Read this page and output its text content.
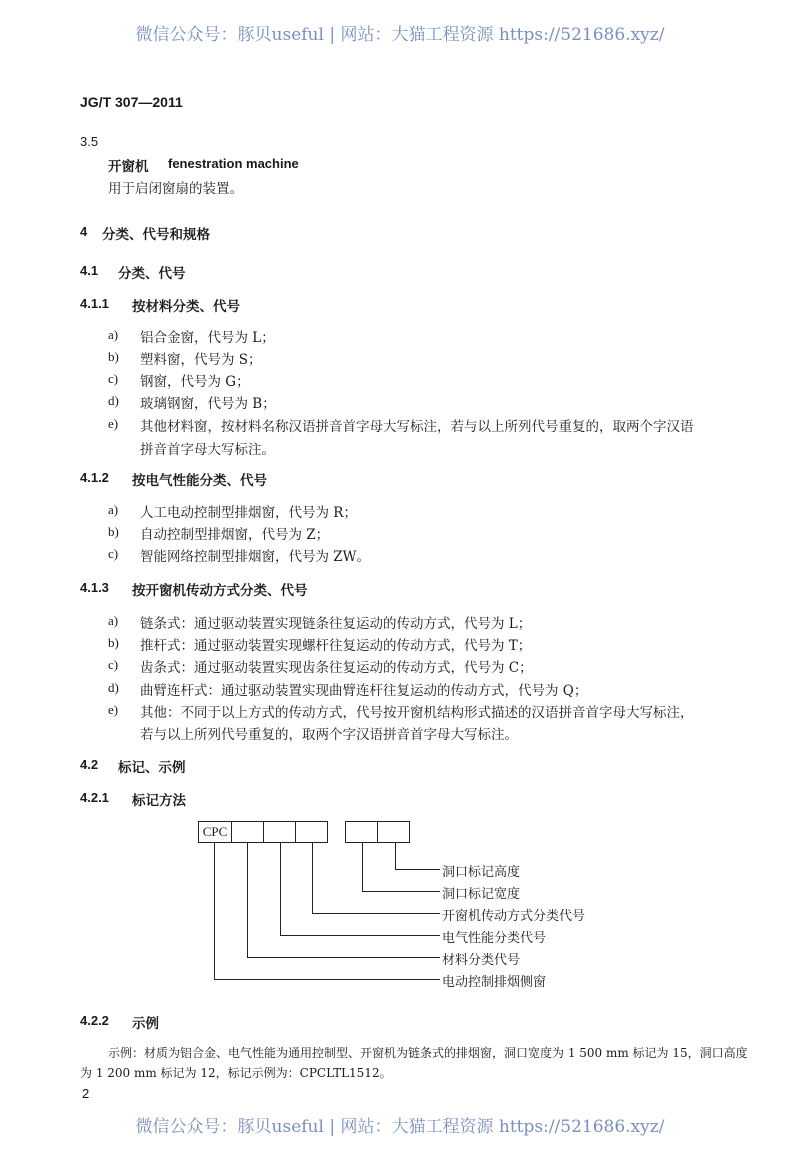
微信公众号：豚贝useful | 网站：大猫工程资源 https://521686.xyz/
JG/T 307—2011
3.5
开窗机 fenestration machine
用于启闭窗扇的装置。
4 分类、代号和规格
4.1 分类、代号
4.1.1 按材料分类、代号
a) 铝合金窗，代号为 L；
b) 塑料窗，代号为 S；
c) 钢窗，代号为 G；
d) 玻璃钢窗，代号为 B；
e) 其他材料窗，按材料名称汉语拼音首字母大写标注，若与以上所列代号重复的，取两个字汉语
拼音首字母大写标注。
4.1.2 按电气性能分类、代号
a) 人工电动控制型排烟窗，代号为 R；
b) 自动控制型排烟窗，代号为 Z；
c) 智能网络控制型排烟窗，代号为 ZW。
4.1.3 按开窗机传动方式分类、代号
a) 链条式：通过驱动装置实现链条往复运动的传动方式，代号为 L；
b) 推杆式：通过驱动装置实现螺杆往复运动的传动方式，代号为 T；
c) 齿条式：通过驱动装置实现齿条往复运动的传动方式，代号为 C；
d) 曲臂连杆式：通过驱动装置实现曲臂连杆往复运动的传动方式，代号为 Q；
e) 其他：不同于以上方式的传动方式，代号按开窗机结构形式描述的汉语拼音首字母大写标注，
若与以上所列代号重复的，取两个字汉语拼音首字母大写标注。
4.2 标记、示例
4.2.1 标记方法
CPC
洞口标记高度
洞口标记宽度
开窗机传动方式分类代号
电气性能分类代号
材料分类代号
电动控制排烟侧窗
4.2.2 示例
示例：材质为铝合金、电气性能为通用控制型、开窗机为链条式的排烟窗，洞口宽度为 1 500 mm 标记为 15，洞口高度
为 1 200 mm 标记为 12，标记示例为：CPCLTL1512。
2
微信公众号：豚贝useful | 网站：大猫工程资源 https://521686.xyz/
